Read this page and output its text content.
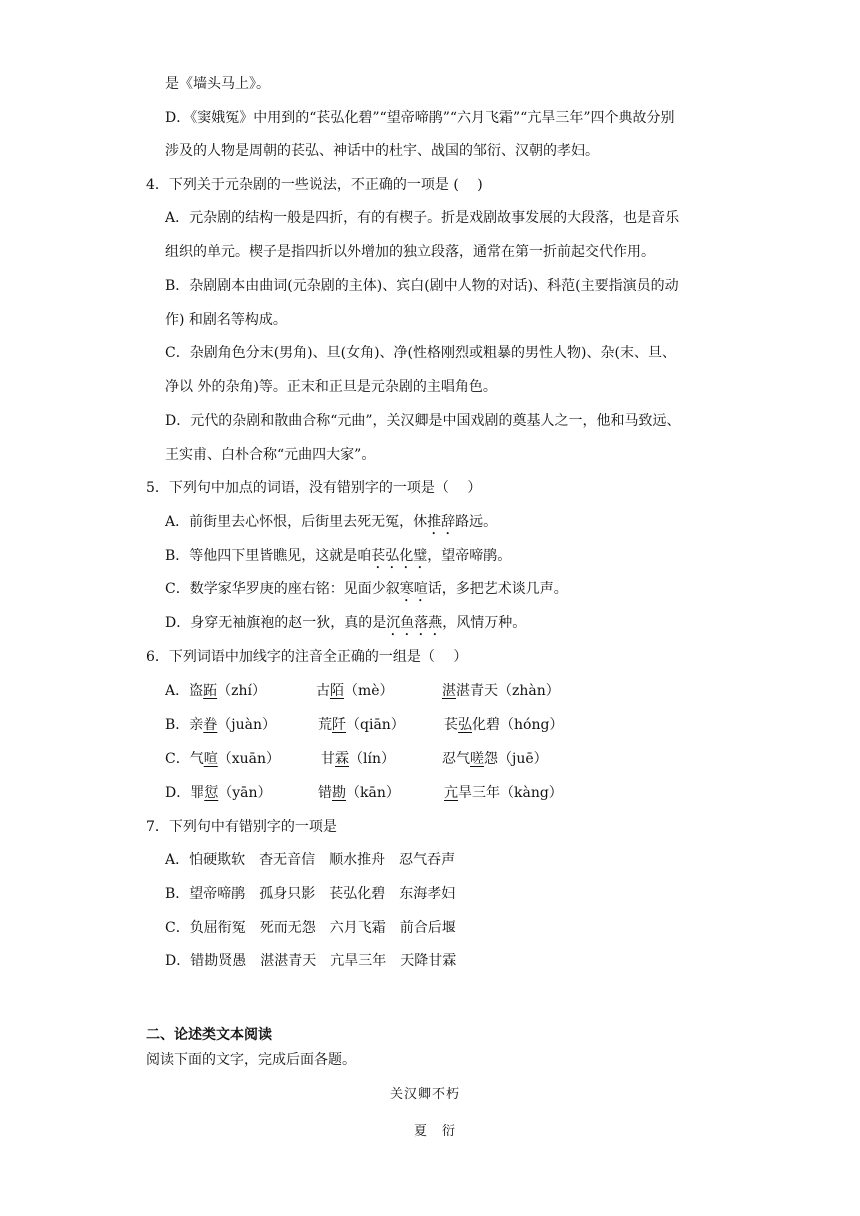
是《墙头马上》。
D．《窦娥冤》中用到的“苌弘化碧”“望帝啼鹃”“六月飞霜”“亢旱三年”四个典故分别
涉及的人物是周朝的苌弘、神话中的杜宇、战国的邹衍、汉朝的孝妇。
4．下列关于元杂剧的一些说法，不正确的一项是 (　 )
A．元杂剧的结构一般是四折，有的有楔子。折是戏剧故事发展的大段落，也是音乐
组织的单元。楔子是指四折以外增加的独立段落，通常在第一折前起交代作用。
B．杂剧剧本由曲词(元杂剧的主体)、宾白(剧中人物的对话)、科范(主要指演员的动
作) 和剧名等构成。
C．杂剧角色分末(男角)、旦(女角)、净(性格刚烈或粗暴的男性人物)、杂(末、旦、
净以 外的杂角)等。正末和正旦是元杂剧的主唱角色。
D．元代的杂剧和散曲合称“元曲”，关汉卿是中国戏剧的奠基人之一，他和马致远、
王实甫、白朴合称“元曲四大家”。
5．下列句中加点的词语，没有错别字的一项是（　 ）
A．前街里去心怀恨，后街里去死无冤，休推辞路远。
B．等他四下里皆瞧见，这就是咱苌弘化璧，望帝啼鹃。
C．数学家华罗庚的座右铭：见面少叙寒喧话，多把艺术谈几声。
D．身穿无袖旗袍的赵一狄，真的是沉鱼落燕，风情万种。
6．下列词语中加线字的注音全正确的一组是（　 ）
A．盗跖（zhí）	古陌（mè）	湛湛青天（zhàn）
B．亲眷（juàn）	荒阡（qiān）	苌弘化碧（hóng）
C．气喧（xuān）	甘霖（lín）	忍气嗟怨（juē）
D．罪愆（yān）	错勘（kān）	亢旱三年（kàng）
7．下列句中有错别字的一项是
A．怕硬欺软　杳无音信　顺水推舟　忍气吞声
B．望帝啼鹃　孤身只影　苌弘化碧　东海孝妇
C．负屈衔冤　死而无怨　六月飞霜　前合后堰
D．错勘贤愚　湛湛青天　亢旱三年　天降甘霖
二、论述类文本阅读
阅读下面的文字，完成后面各题。
关汉卿不朽
夏　衍
